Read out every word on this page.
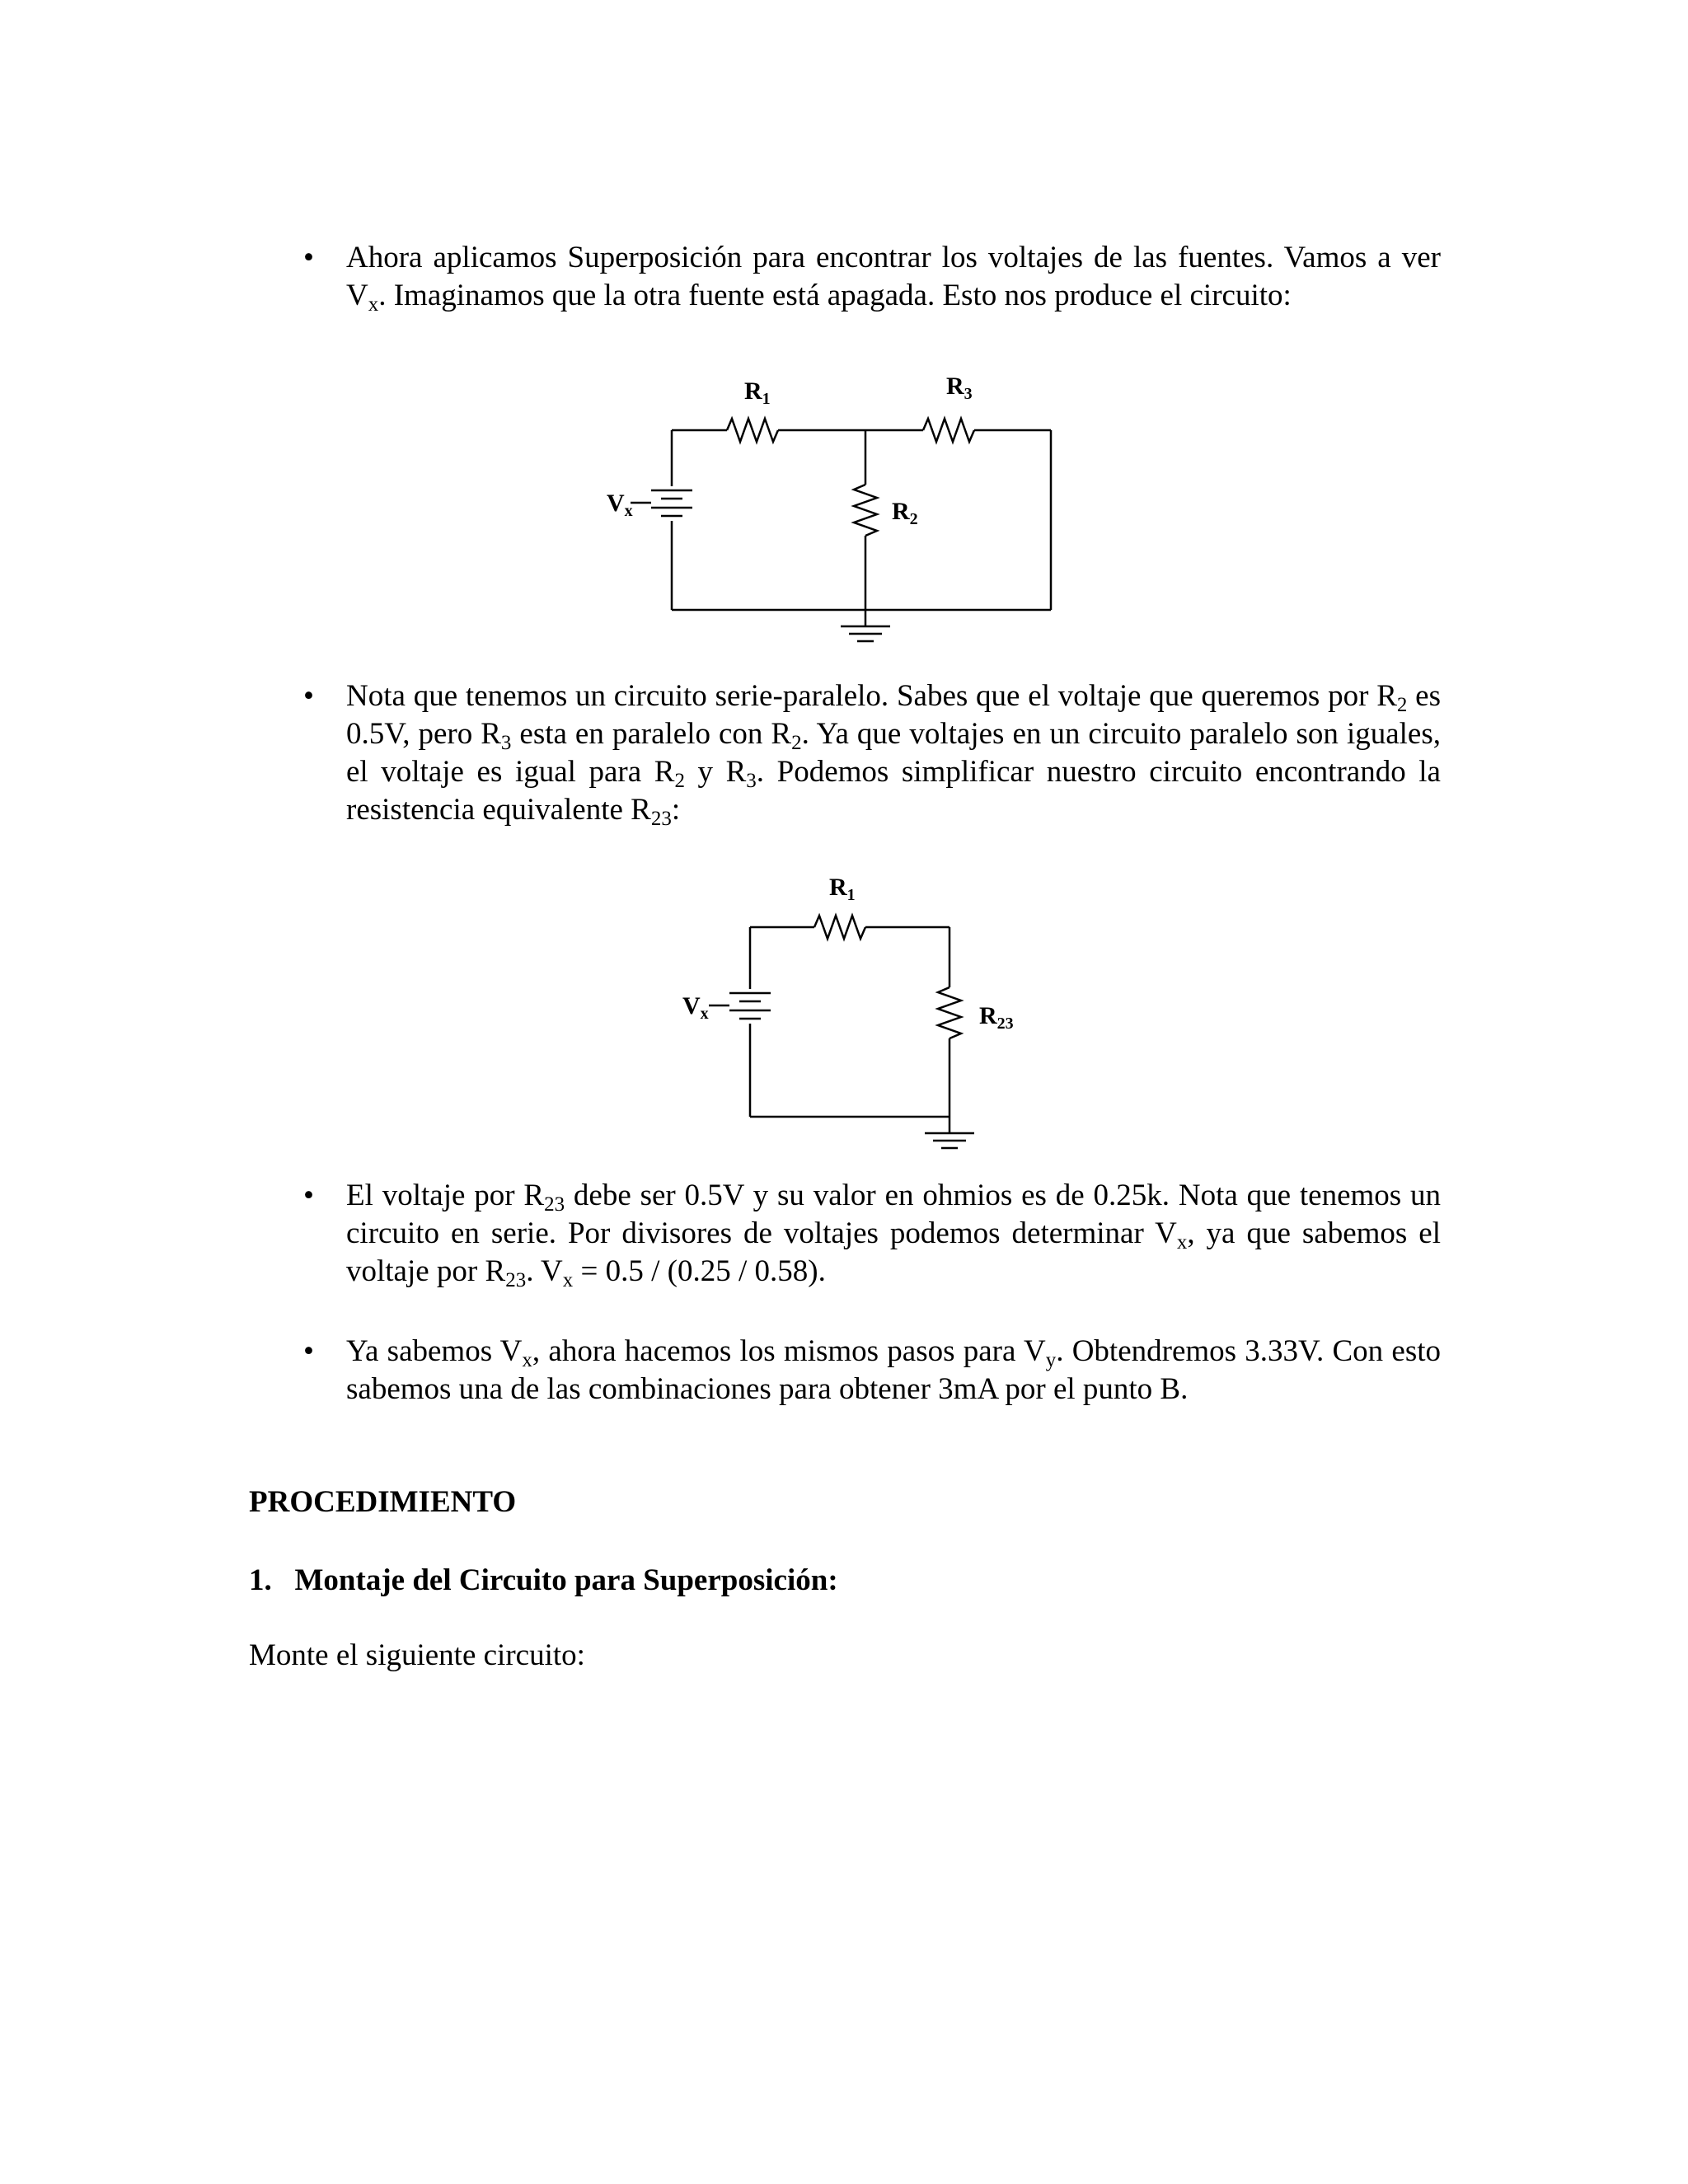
• Ahora aplicamos Superposición para encontrar los voltajes de las fuentes. Vamos a ver $V_x$. Imaginamos que la otra fuente está apagada. Esto nos produce el circuito:
$R_1$	$R_3$
$R_2$
$V_x$
• Nota que tenemos un circuito serie-paralelo. Sabes que el voltaje que queremos por $R_2$ es 0.5V, pero $R_3$ esta en paralelo con $R_2$. Ya que voltajes en un circuito paralelo son iguales, el voltaje es igual para $R_2$ y $R_3$. Podemos simplificar nuestro circuito encontrando la resistencia equivalente $R_{23}$:
$R_1$
$R_{23}$
$V_x$
• El voltaje por $R_{23}$ debe ser 0.5V y su valor en ohmios es de 0.25k. Nota que tenemos un circuito en serie. Por divisores de voltajes podemos determinar $V_x$, ya que sabemos el voltaje por $R_{23}$. $V_x = 0.5 / (0.25 / 0.58)$.
• Ya sabemos $V_x$, ahora hacemos los mismos pasos para $V_y$. Obtendremos 3.33V. Con esto sabemos una de las combinaciones para obtener 3mA por el punto B.
PROCEDIMIENTO
1.   Montaje del Circuito para Superposición:
Monte el siguiente circuito:
